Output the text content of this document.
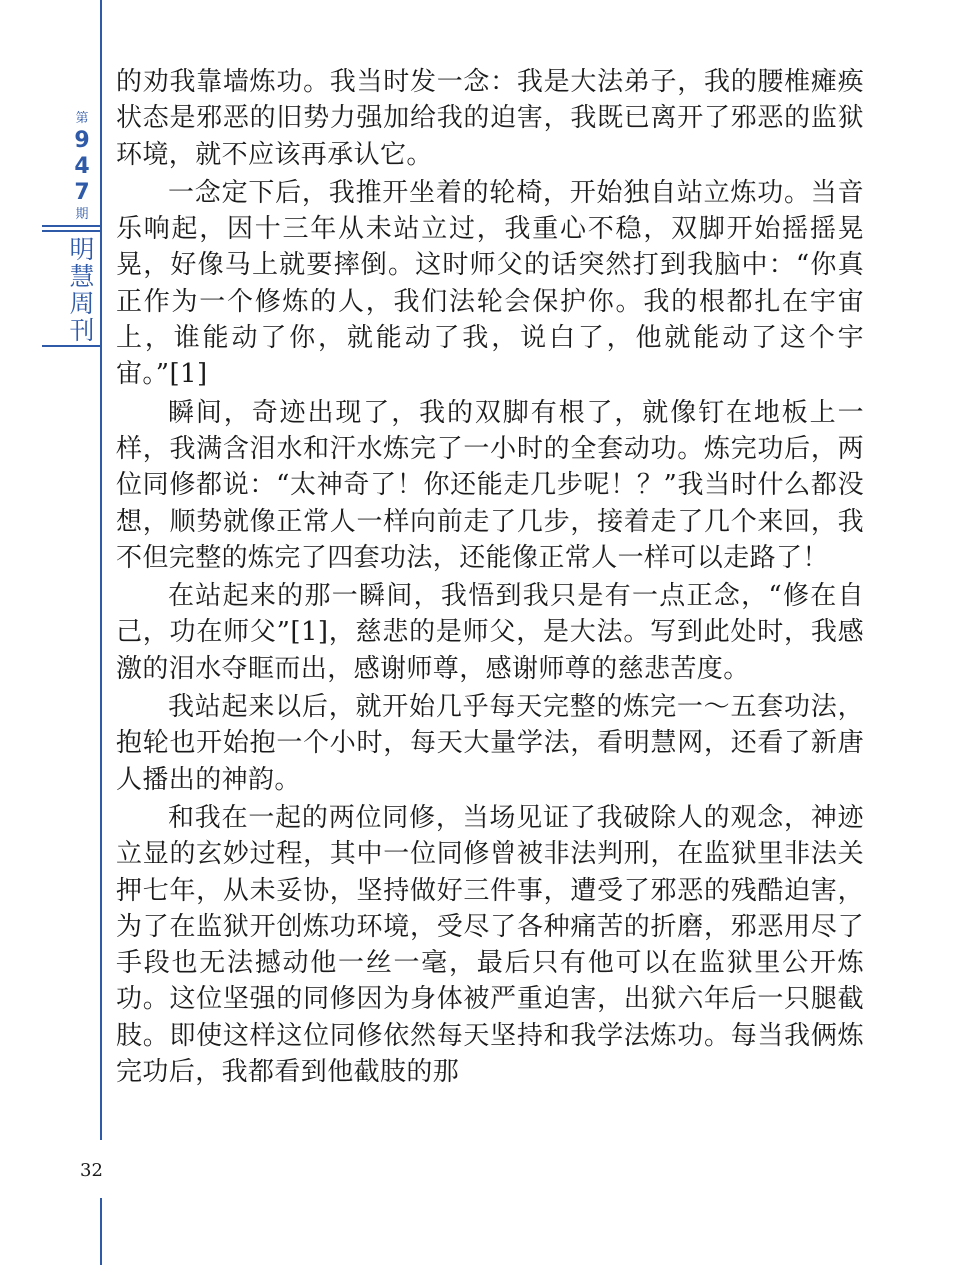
第
9
4
7
期
明
慧
周
刊
32

的劝我靠墙炼功。我当时发一念：我是大法弟子，我的腰椎瘫痪状态是邪恶的旧势力强加给我的迫害，我既已离开了邪恶的监狱环境，就不应该再承认它。

一念定下后，我推开坐着的轮椅，开始独自站立炼功。当音乐响起，因十三年从未站立过，我重心不稳，双脚开始摇摇晃晃，好像马上就要摔倒。这时师父的话突然打到我脑中：“你真正作为一个修炼的人，我们法轮会保护你。我的根都扎在宇宙上，谁能动了你，就能动了我，说白了，他就能动了这个宇宙。”[1]

瞬间，奇迹出现了，我的双脚有根了，就像钉在地板上一样，我满含泪水和汗水炼完了一小时的全套动功。炼完功后，两位同修都说：“太神奇了！你还能走几步呢！？”我当时什么都没想，顺势就像正常人一样向前走了几步，接着走了几个来回，我不但完整的炼完了四套功法，还能像正常人一样可以走路了！

在站起来的那一瞬间，我悟到我只是有一点正念，“修在自己，功在师父”[1]，慈悲的是师父，是大法。写到此处时，我感激的泪水夺眶而出，感谢师尊，感谢师尊的慈悲苦度。

我站起来以后，就开始几乎每天完整的炼完一～五套功法，抱轮也开始抱一个小时，每天大量学法，看明慧网，还看了新唐人播出的神韵。

和我在一起的两位同修，当场见证了我破除人的观念，神迹立显的玄妙过程，其中一位同修曾被非法判刑，在监狱里非法关押七年，从未妥协，坚持做好三件事，遭受了邪恶的残酷迫害，为了在监狱开创炼功环境，受尽了各种痛苦的折磨，邪恶用尽了手段也无法撼动他一丝一毫，最后只有他可以在监狱里公开炼功。这位坚强的同修因为身体被严重迫害，出狱六年后一只腿截肢。即使这样这位同修依然每天坚持和我学法炼功。每当我俩炼完功后，我都看到他截肢的那
